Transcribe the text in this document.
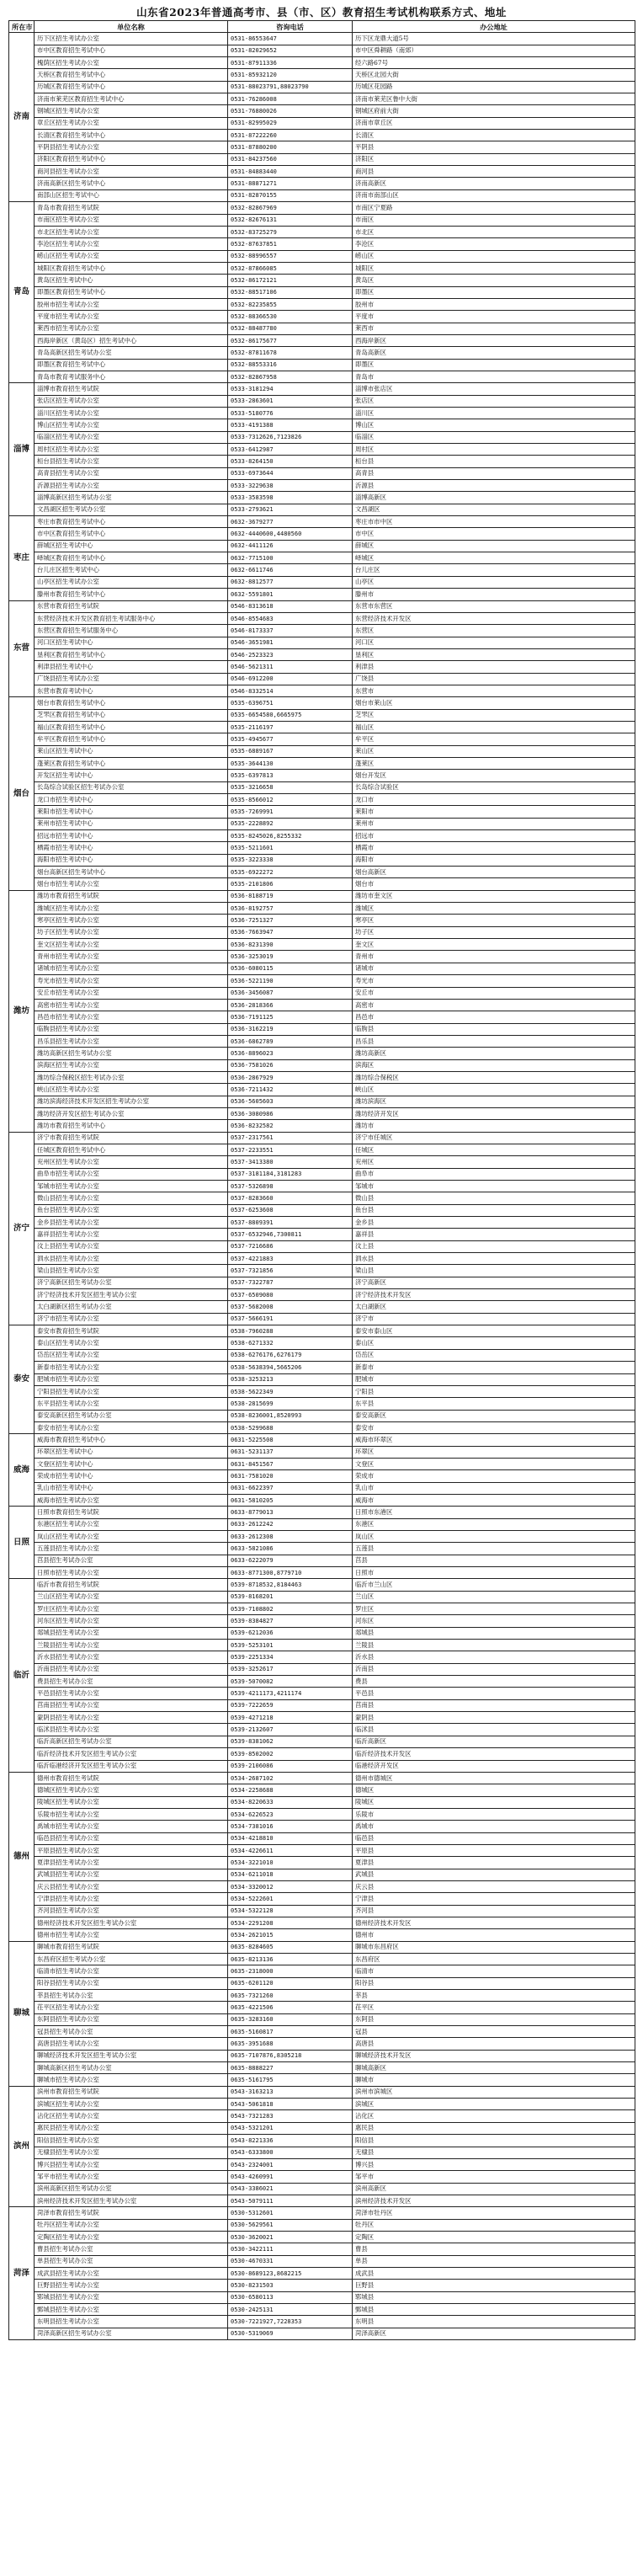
山东省2023年普通高考市、县（市、区）教育招生考试机构联系方式、地址
所在市	单位名称	咨询电话	办公地址
济南	历下区招生考试办公室	0531-86553647	历下区龙鼎大道5号
	市中区教育招生考试中心	0531-82029652	市中区舜耕路（南郊）
	槐荫区招生考试办公室	0531-87911336	经六路67号
	天桥区教育招生考试中心	0531-85932120	天桥区北园大街
	历城区教育招生考试中心	0531-88023791,88023790	历城区花园路
	济南市莱芜区教育招生考试中心	0531-76286008	济南市莱芜区鲁中大街
	钢城区招生考试办公室	0531-76880026	钢城区府前大街
	章丘区招生考试办公室	0531-82995029	济南市章丘区
	长清区教育招生考试中心	0531-87222260	长清区
	平阴县招生考试办公室	0531-87880200	平阴县
	济阳区教育招生考试中心	0531-84237560	济阳区
	商河县招生考试办公室	0531-84883440	商河县
	济南高新区招生考试中心	0531-88871271	济南高新区
	南部山区招生考试中心	0531-82870155	济南市南部山区
青岛	青岛市教育招生考试院	0532-82867969	市南区宁夏路
	市南区招生考试办公室	0532-82676131	市南区
	市北区招生考试办公室	0532-83725279	市北区
	李沧区招生考试办公室	0532-87637851	李沧区
	崂山区招生考试办公室	0532-88996557	崂山区
	城阳区教育招生考试中心	0532-87866085	城阳区
	黄岛区招生考试中心	0532-86172121	黄岛区
	即墨区教育招生考试中心	0532-88517106	即墨区
	胶州市招生考试办公室	0532-82235855	胶州市
	平度市招生考试办公室	0532-88366530	平度市
	莱西市招生考试办公室	0532-88487780	莱西市
	西海岸新区（黄岛区）招生考试中心	0532-86175677	西海岸新区
	青岛高新区招生考试办公室	0532-87811678	青岛高新区
	即墨区教育招生考试中心	0532-88553316	即墨区
	青岛市教育考试服务中心	0532-82867958	青岛市
淄博	淄博市教育招生考试院	0533-3181294	淄博市张店区
	张店区招生考试办公室	0533-2863601	张店区
	淄川区招生考试办公室	0533-5180776	淄川区
	博山区招生考试办公室	0533-4191388	博山区
	临淄区招生考试办公室	0533-7312626,7123826	临淄区
	周村区招生考试办公室	0533-6412987	周村区
	桓台县招生考试办公室	0533-8264150	桓台县
	高青县招生考试办公室	0533-6973644	高青县
	沂源县招生考试办公室	0533-3229638	沂源县
	淄博高新区招生考试办公室	0533-3583598	淄博高新区
	文昌湖区招生考试办公室	0533-2793621	文昌湖区
枣庄	枣庄市教育招生考试中心	0632-3679277	枣庄市市中区
	市中区教育招生考试中心	0632-4440600,4480560	市中区
	薛城区招生考试中心	0632-4411126	薛城区
	峄城区教育招生考试中心	0632-7715100	峄城区
	台儿庄区招生考试中心	0632-6611746	台儿庄区
	山亭区招生考试办公室	0632-8812577	山亭区
	滕州市教育招生考试中心	0632-5591801	滕州市
东营	东营市教育招生考试院	0546-8313618	东营市东营区
	东营经济技术开发区教育招生考试服务中心	0546-8554683	东营经济技术开发区
	东营区教育招生考试服务中心	0546-8173337	东营区
	河口区招生考试中心	0546-3651981	河口区
	垦利区教育招生考试中心	0546-2523323	垦利区
	利津县招生考试中心	0546-5621311	利津县
	广饶县招生考试办公室	0546-6912200	广饶县
	东营市教育考试中心	0546-8332514	东营市
烟台	烟台市教育招生考试中心	0535-6396751	烟台市莱山区
	芝罘区教育招生考试中心	0535-6654580,6665975	芝罘区
	福山区教育招生考试中心	0535-2116197	福山区
	牟平区教育招生考试中心	0535-4945677	牟平区
	莱山区招生考试中心	0535-6889167	莱山区
	蓬莱区教育招生考试中心	0535-3644130	蓬莱区
	开发区招生考试中心	0535-6397813	烟台开发区
	长岛综合试验区招生考试办公室	0535-3216658	长岛综合试验区
	龙口市招生考试中心	0535-8566012	龙口市
	莱阳市招生考试中心	0535-7269991	莱阳市
	莱州市招生考试中心	0535-2228892	莱州市
	招远市招生考试中心	0535-8245026,8255332	招远市
	栖霞市招生考试中心	0535-5211601	栖霞市
	海阳市招生考试中心	0535-3223338	海阳市
	烟台高新区招生考试中心	0535-6922272	烟台高新区
	烟台市招生考试办公室	0535-2101806	烟台市
潍坊	潍坊市教育招生考试院	0536-8188719	潍坊市奎文区
	潍城区招生考试办公室	0536-8192757	潍城区
	寒亭区招生考试办公室	0536-7251327	寒亭区
	坊子区招生考试办公室	0536-7663947	坊子区
	奎文区招生考试办公室	0536-8231390	奎文区
	青州市招生考试办公室	0536-3253019	青州市
	诸城市招生考试办公室	0536-6080115	诸城市
	寿光市招生考试办公室	0536-5221190	寿光市
	安丘市招生考试办公室	0536-3456087	安丘市
	高密市招生考试办公室	0536-2818366	高密市
	昌邑市招生考试办公室	0536-7191125	昌邑市
	临朐县招生考试办公室	0536-3162219	临朐县
	昌乐县招生考试办公室	0536-6862789	昌乐县
	潍坊高新区招生考试办公室	0536-8896023	潍坊高新区
	滨海区招生考试办公室	0536-7581026	滨海区
	潍坊综合保税区招生考试办公室	0536-2867929	潍坊综合保税区
	峡山区招生考试办公室	0536-7211432	峡山区
	潍坊滨海经济技术开发区招生考试办公室	0536-5605603	潍坊滨海区
	潍坊经济开发区招生考试办公室	0536-3080986	潍坊经济开发区
	潍坊市教育招生考试中心	0536-8232582	潍坊市
济宁	济宁市教育招生考试院	0537-2317561	济宁市任城区
	任城区教育招生考试中心	0537-2233551	任城区
	兖州区招生考试办公室	0537-3413380	兖州区
	曲阜市招生考试办公室	0537-3181184,3181283	曲阜市
	邹城市招生考试办公室	0537-5326898	邹城市
	微山县招生考试办公室	0537-8283660	微山县
	鱼台县招生考试办公室	0537-6253608	鱼台县
	金乡县招生考试办公室	0537-8809391	金乡县
	嘉祥县招生考试办公室	0537-6532946,7300811	嘉祥县
	汶上县招生考试办公室	0537-7216686	汶上县
	泗水县招生考试办公室	0537-4221883	泗水县
	梁山县招生考试办公室	0537-7321856	梁山县
	济宁高新区招生考试办公室	0537-7322787	济宁高新区
	济宁经济技术开发区招生考试办公室	0537-6509080	济宁经济技术开发区
	太白湖新区招生考试办公室	0537-5682008	太白湖新区
	济宁市招生考试办公室	0537-5666191	济宁市
泰安	泰安市教育招生考试院	0538-7960288	泰安市泰山区
	泰山区招生考试办公室	0538-6271332	泰山区
	岱岳区招生考试办公室	0538-6276176,6276179	岱岳区
	新泰市招生考试办公室	0538-5638394,5665206	新泰市
	肥城市招生考试办公室	0538-3253213	肥城市
	宁阳县招生考试办公室	0538-5622349	宁阳县
	东平县招生考试办公室	0538-2815699	东平县
	泰安高新区招生考试办公室	0538-8236001,8520993	泰安高新区
	泰安市招生考试办公室	0538-5299688	泰安市
威海	威海市教育招生考试中心	0631-5225508	威海市环翠区
	环翠区招生考试中心	0631-5231137	环翠区
	文登区招生考试中心	0631-8451567	文登区
	荣成市招生考试中心	0631-7581020	荣成市
	乳山市招生考试中心	0631-6622397	乳山市
	威海市招生考试办公室	0631-5810205	威海市
日照	日照市教育招生考试院	0633-8779013	日照市东港区
	东港区招生考试办公室	0633-2612242	东港区
	岚山区招生考试办公室	0633-2612308	岚山区
	五莲县招生考试办公室	0633-5821086	五莲县
	莒县招生考试办公室	0633-6222079	莒县
	日照市招生考试办公室	0633-8771300,8779710	日照市
临沂	临沂市教育招生考试院	0539-8718532,8184463	临沂市兰山区
	兰山区招生考试办公室	0539-8168201	兰山区
	罗庄区招生考试办公室	0539-7108802	罗庄区
	河东区招生考试办公室	0539-8384827	河东区
	郯城县招生考试办公室	0539-6212036	郯城县
	兰陵县招生考试办公室	0539-5253101	兰陵县
	沂水县招生考试办公室	0539-2251334	沂水县
	沂南县招生考试办公室	0539-3252617	沂南县
	费县招生考试办公室	0539-5070082	费县
	平邑县招生考试办公室	0539-4211173,4211174	平邑县
	莒南县招生考试办公室	0539-7222659	莒南县
	蒙阴县招生考试办公室	0539-4271218	蒙阴县
	临沭县招生考试办公室	0539-2132607	临沭县
	临沂高新区招生考试办公室	0539-8381062	临沂高新区
	临沂经济技术开发区招生考试办公室	0539-8502002	临沂经济技术开发区
	临沂临港经济开发区招生考试办公室	0539-2106086	临港经济开发区
德州	德州市教育招生考试院	0534-2687102	德州市德城区
	德城区招生考试办公室	0534-2258688	德城区
	陵城区招生考试办公室	0534-8220633	陵城区
	乐陵市招生考试办公室	0534-6226523	乐陵市
	禹城市招生考试办公室	0534-7381016	禹城市
	临邑县招生考试办公室	0534-4218810	临邑县
	平原县招生考试办公室	0534-4226611	平原县
	夏津县招生考试办公室	0534-3221010	夏津县
	武城县招生考试办公室	0534-6211018	武城县
	庆云县招生考试办公室	0534-3320012	庆云县
	宁津县招生考试办公室	0534-5222601	宁津县
	齐河县招生考试办公室	0534-5322128	齐河县
	德州经济技术开发区招生考试办公室	0534-2291208	德州经济技术开发区
	德州市招生考试办公室	0534-2621015	德州市
聊城	聊城市教育招生考试院	0635-8284605	聊城市东昌府区
	东昌府区招生考试办公室	0635-8213136	东昌府区
	临清市招生考试办公室	0635-2318000	临清市
	阳谷县招生考试办公室	0635-6201120	阳谷县
	莘县招生考试办公室	0635-7321260	莘县
	茌平区招生考试办公室	0635-4221506	茌平区
	东阿县招生考试办公室	0635-3283160	东阿县
	冠县招生考试办公室	0635-5160817	冠县
	高唐县招生考试办公室	0635-3951688	高唐县
	聊城经济技术开发区招生考试办公室	0635-7107876,8305218	聊城经济技术开发区
	聊城高新区招生考试办公室	0635-8888227	聊城高新区
	聊城市招生考试办公室	0635-5161795	聊城市
滨州	滨州市教育招生考试院	0543-3163213	滨州市滨城区
	滨城区招生考试办公室	0543-5061818	滨城区
	沾化区招生考试办公室	0543-7321283	沾化区
	惠民县招生考试办公室	0543-5321201	惠民县
	阳信县招生考试办公室	0543-8221336	阳信县
	无棣县招生考试办公室	0543-6333800	无棣县
	博兴县招生考试办公室	0543-2324001	博兴县
	邹平市招生考试办公室	0543-4260991	邹平市
	滨州高新区招生考试办公室	0543-3386021	滨州高新区
	滨州经济技术开发区招生考试办公室	0543-5079111	滨州经济技术开发区
菏泽	菏泽市教育招生考试院	0530-5312601	菏泽市牡丹区
	牡丹区招生考试办公室	0530-5629561	牡丹区
	定陶区招生考试办公室	0530-3620021	定陶区
	曹县招生考试办公室	0530-3422111	曹县
	单县招生考试办公室	0530-4670331	单县
	成武县招生考试办公室	0530-8689123,8682215	成武县
	巨野县招生考试办公室	0530-8231503	巨野县
	郓城县招生考试办公室	0530-6580113	郓城县
	鄄城县招生考试办公室	0530-2425131	鄄城县
	东明县招生考试办公室	0530-7221927,7228353	东明县
	菏泽高新区招生考试办公室	0530-5319069	菏泽高新区
